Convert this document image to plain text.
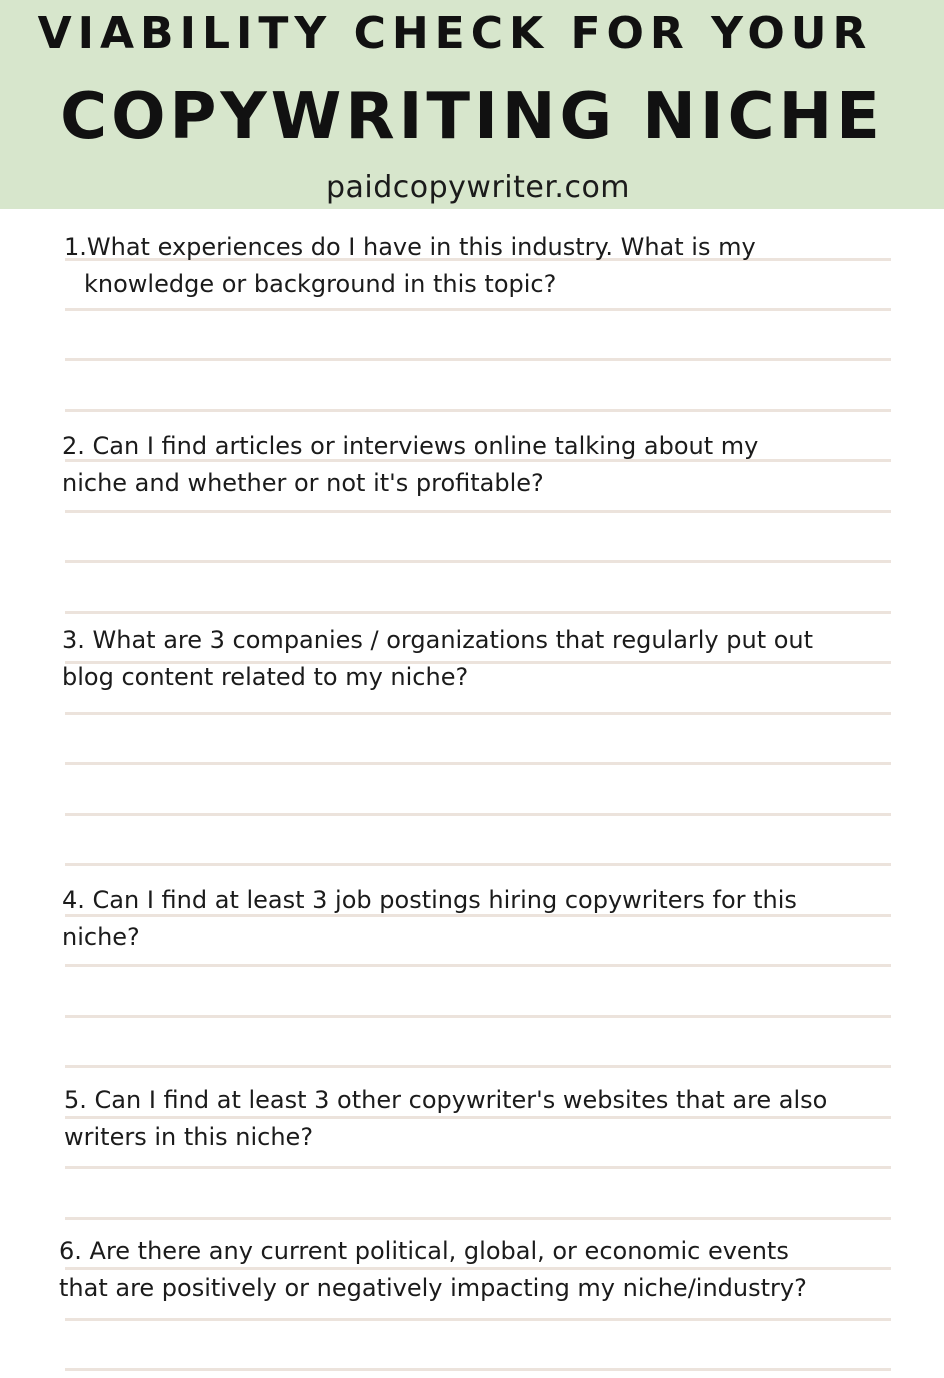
VIABILITY CHECK FOR YOUR
COPYWRITING NICHE
paidcopywriter.com
1.What experiences do I have in this industry. What is my
knowledge or background in this topic?
2. Can I find articles or interviews online talking about my
niche and whether or not it's profitable?
3. What are 3 companies / organizations that regularly put out
blog content related to my niche?
4. Can I find at least 3 job postings hiring copywriters for this
niche?
5. Can I find at least 3 other copywriter's websites that are also
writers in this niche?
6. Are there any current political, global, or economic events
that are positively or negatively impacting my niche/industry?
